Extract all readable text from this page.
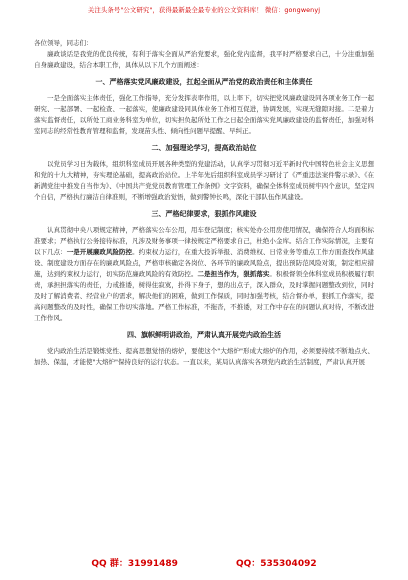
关注头条号"公文研究"，获得最新最全最专业的公文资料库！ 微信：gongwenyj

各位领导，同志们：

廉政谈话是我党的优良传统，有利于落实全面从严治党要求，强化党内监督，我平时严格要求自己，十分注重加强自身廉政建设，结合本职工作，具体从以下几个方面阐述：

一、严格落实党风廉政建设，扛起全面从严治党的政治责任和主体责任

一是全面落实主体责任，强化工作指导，充分发挥表率作用，以上率下，切实把党风廉政建设同各项业务工作一起研究、一起部署、一起检查、一起落实，使廉政建设同具体业务工作相互促进，协调发展，实现无缝隙对接。二是着力落实监督责任，以所处工商业务科室为单位，切实担负起所处工作之日起全面落实党风廉政建设的监督责任，加强对科室同志的经常性教育管理和监督，发现苗头性、倾向性问题早提醒、早纠正。

二、加强理论学习，提高政治站位

以党员学习日为载体，组织科室成员开展各种类型的党建活动，认真学习贯彻习近平新时代中国特色社会主义思想和党的十九大精神，夯实理论基础，提高政治站位。上半年先后组织科室成员学习研讨了《严重违法案件警示录》、《在新满党往中推发自当作为》、《中国共产党党员教育管理工作条例》文字资料，确保全体科室成员树牢四个意识，坚定四个自信，严格执行廉洁自律准则，不断增强政治觉悟，做到警钟长鸣，深化干部队伍作风建设。

三、严格纪律要求，狠抓作风建设

认真贯彻中央八项规定精神，严格落实公车公用，用车登记制度；核实处办公用房使用情况，确保符合人均面积标准要求；严格执行公务接待标准，凡涉及财务事项一律按规定严格要求自己，杜绝小金库。结合工作实际情况，主要有以下几点：一是开展廉政风险防控。约束权力运行，在重大投诉举报、消费维权、日常业务等重点工作方面查找作风建设、制度建设方面存在的廉政风险点，严格审核确定各岗位、各环节的廉政风险点，提出预防范风险对策，制定相应措施，达到约束权力运行，切实防范廉政风险的有效防控。二是担当作为，狠抓落实。积极督领全体科室成员积极履行职责，承担担落实的责任，力戒推诿，树得住寂寞，扑得下身子，想的出点子，深入群众，及时掌握问题整改到位，同时及时了解消费者、经营业户的需求，解决他们的困难，做到工作保质，同时加强考核，结合督办单，狠抓工作落实，提高问题整改的及时性，确保工作切实落地。严格工作标准，不拖沓，不推诿，对工作中存在的问题认真对待，不断改进工作作风。

四、旗帜鲜明讲政治，严肃认真开展党内政治生活

党内政治生活是锻炼党性、提高思想觉悟的熔炉，要使这个"大熔炉"形成大熔炉的作用，必须要持续不断地点火、加热、保温，才能使"大熔炉"保持良好的运行状态。一直以来，某局认真落实各项党内政治生活制度，严肃认真开展

QQ 群：31991489	QQ：535304092
